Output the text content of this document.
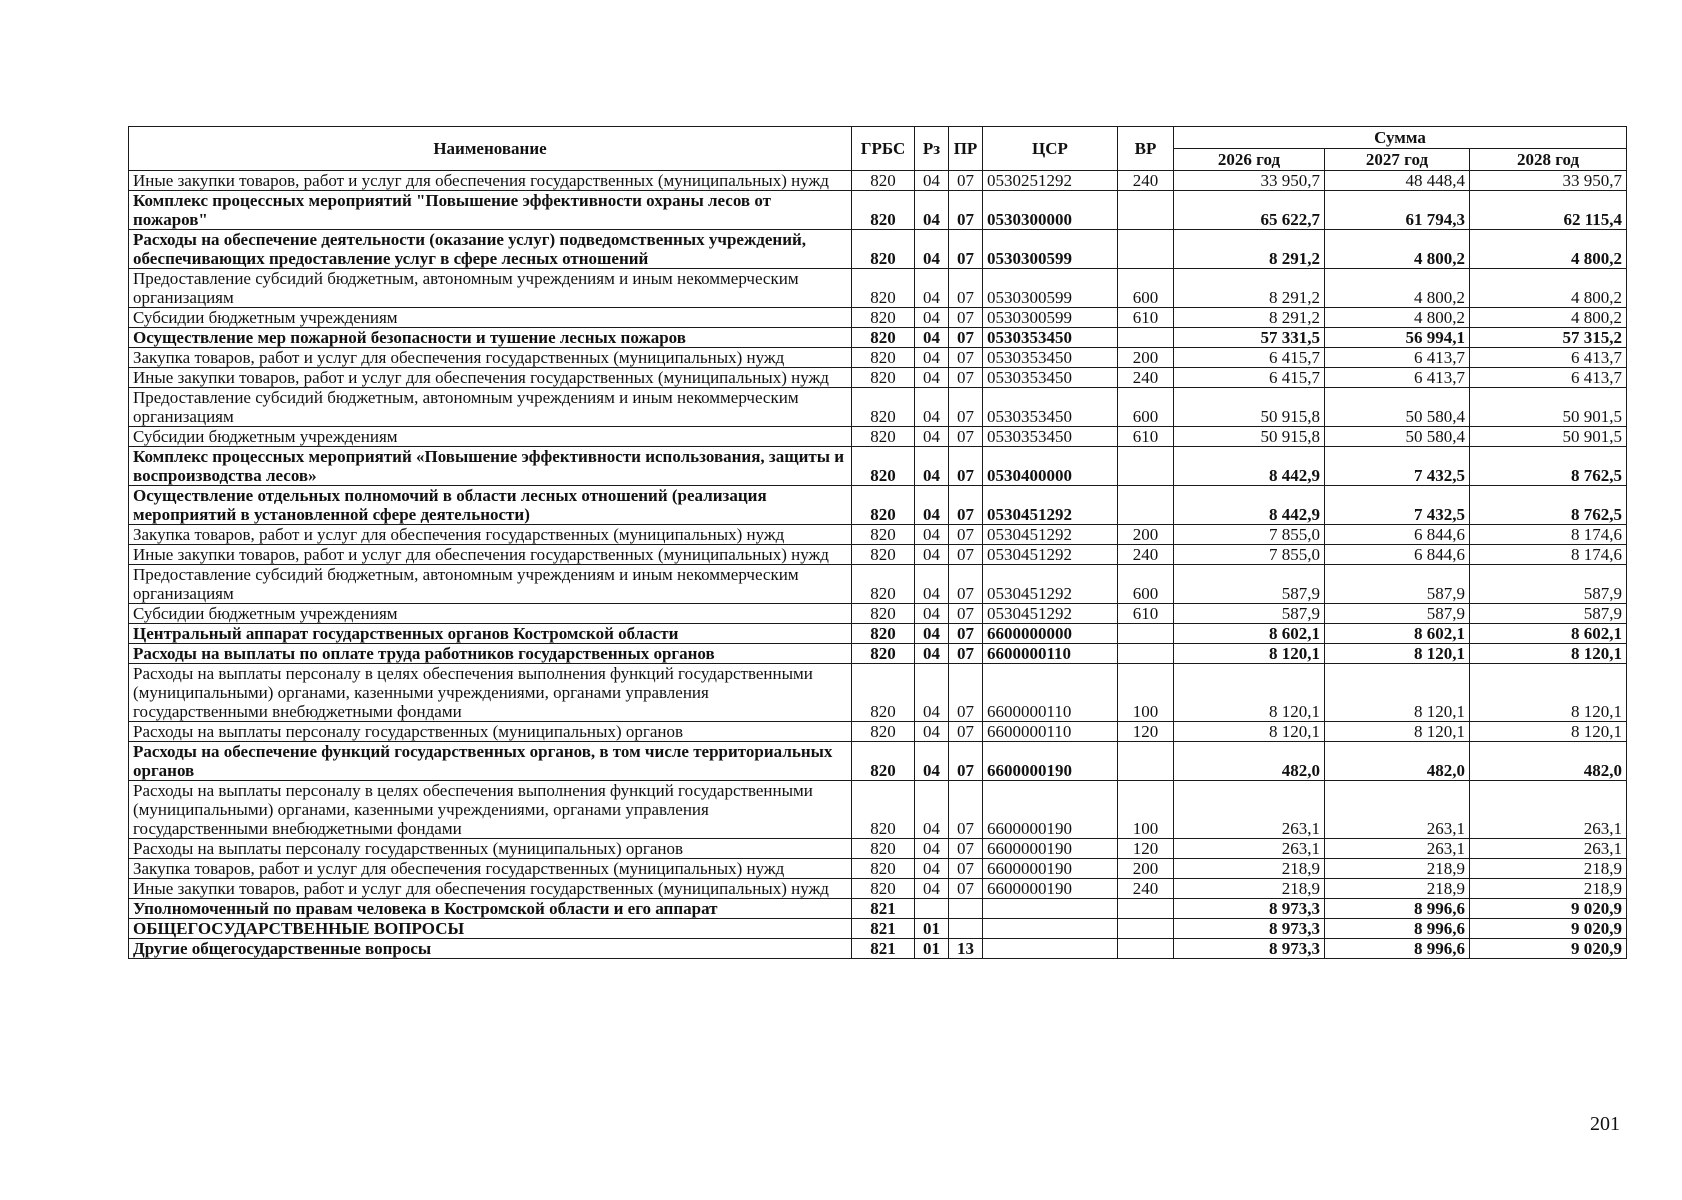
Наименование	ГРБС	Рз	ПР	ЦСР	ВР	Сумма		
						2026 год	2027 год	2028 год
Иные закупки товаров, работ и услуг для обеспечения государственных (муниципальных) нужд	820	04	07	0530251292	240	33 950,7	48 448,4	33 950,7
Комплекс процессных мероприятий "Повышение эффективности охраны лесов от пожаров"	820	04	07	0530300000		65 622,7	61 794,3	62 115,4
Расходы на обеспечение деятельности (оказание услуг) подведомственных учреждений, обеспечивающих предоставление услуг в сфере лесных отношений	820	04	07	0530300599		8 291,2	4 800,2	4 800,2
Предоставление субсидий бюджетным, автономным учреждениям и иным некоммерческим организациям	820	04	07	0530300599	600	8 291,2	4 800,2	4 800,2
Субсидии бюджетным учреждениям	820	04	07	0530300599	610	8 291,2	4 800,2	4 800,2
Осуществление мер пожарной безопасности и тушение лесных пожаров	820	04	07	0530353450		57 331,5	56 994,1	57 315,2
Закупка товаров, работ и услуг для обеспечения государственных (муниципальных) нужд	820	04	07	0530353450	200	6 415,7	6 413,7	6 413,7
Иные закупки товаров, работ и услуг для обеспечения государственных (муниципальных) нужд	820	04	07	0530353450	240	6 415,7	6 413,7	6 413,7
Предоставление субсидий бюджетным, автономным учреждениям и иным некоммерческим организациям	820	04	07	0530353450	600	50 915,8	50 580,4	50 901,5
Субсидии бюджетным учреждениям	820	04	07	0530353450	610	50 915,8	50 580,4	50 901,5
Комплекс процессных мероприятий «Повышение эффективности использования, защиты и воспроизводства лесов»	820	04	07	0530400000		8 442,9	7 432,5	8 762,5
Осуществление отдельных полномочий в области лесных отношений (реализация мероприятий в установленной сфере деятельности)	820	04	07	0530451292		8 442,9	7 432,5	8 762,5
Закупка товаров, работ и услуг для обеспечения государственных (муниципальных) нужд	820	04	07	0530451292	200	7 855,0	6 844,6	8 174,6
Иные закупки товаров, работ и услуг для обеспечения государственных (муниципальных) нужд	820	04	07	0530451292	240	7 855,0	6 844,6	8 174,6
Предоставление субсидий бюджетным, автономным учреждениям и иным некоммерческим организациям	820	04	07	0530451292	600	587,9	587,9	587,9
Субсидии бюджетным учреждениям	820	04	07	0530451292	610	587,9	587,9	587,9
Центральный аппарат государственных органов Костромской области	820	04	07	6600000000		8 602,1	8 602,1	8 602,1
Расходы на выплаты по оплате труда работников государственных органов	820	04	07	6600000110		8 120,1	8 120,1	8 120,1
Расходы на выплаты персоналу в целях обеспечения выполнения функций государственными (муниципальными) органами, казенными учреждениями, органами управления государственными внебюджетными фондами	820	04	07	6600000110	100	8 120,1	8 120,1	8 120,1
Расходы на выплаты персоналу государственных (муниципальных) органов	820	04	07	6600000110	120	8 120,1	8 120,1	8 120,1
Расходы на обеспечение функций государственных органов, в том числе территориальных органов	820	04	07	6600000190		482,0	482,0	482,0
Расходы на выплаты персоналу в целях обеспечения выполнения функций государственными (муниципальными) органами, казенными учреждениями, органами управления государственными внебюджетными фондами	820	04	07	6600000190	100	263,1	263,1	263,1
Расходы на выплаты персоналу государственных (муниципальных) органов	820	04	07	6600000190	120	263,1	263,1	263,1
Закупка товаров, работ и услуг для обеспечения государственных (муниципальных) нужд	820	04	07	6600000190	200	218,9	218,9	218,9
Иные закупки товаров, работ и услуг для обеспечения государственных (муниципальных) нужд	820	04	07	6600000190	240	218,9	218,9	218,9
Уполномоченный по правам человека в Костромской области и его аппарат	821					8 973,3	8 996,6	9 020,9
ОБЩЕГОСУДАРСТВЕННЫЕ ВОПРОСЫ	821	01				8 973,3	8 996,6	9 020,9
Другие общегосударственные вопросы	821	01	13			8 973,3	8 996,6	9 020,9
201
